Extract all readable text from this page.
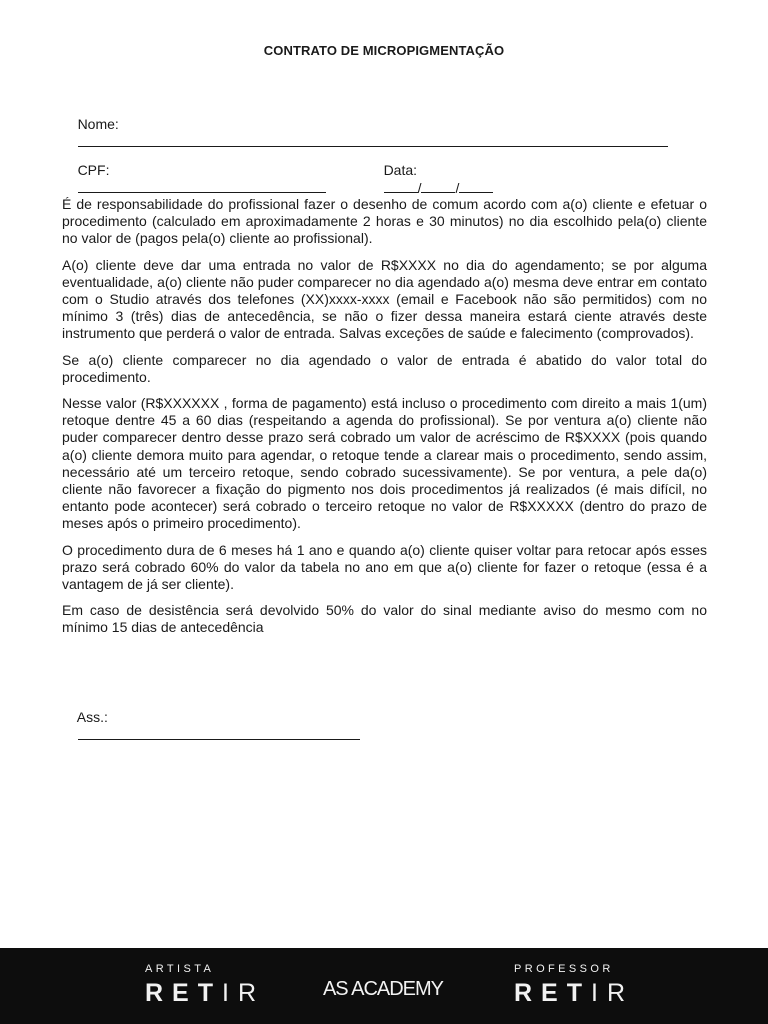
CONTRATO DE MICROPIGMENTAÇÃO

Nome:

CPF:

	Data:
/ /

É de responsabilidade do profissional fazer o desenho de comum acordo com a(o) cliente e efetuar o procedimento (calculado em aproximadamente 2 horas e 30 minutos) no dia escolhido pela(o) cliente no valor de (pagos pela(o) cliente ao profissional).

A(o) cliente deve dar uma entrada no valor de R$XXXX no dia do agendamento; se por alguma eventualidade, a(o) cliente não puder comparecer no dia agendado a(o) mesma deve entrar em contato com o Studio através dos telefones (XX)xxxx-xxxx (email e Facebook não são permitidos) com no mínimo 3 (três) dias de antecedência, se não o fizer dessa maneira estará ciente através deste instrumento que perderá o valor de entrada. Salvas exceções de saúde e falecimento (comprovados).

Se a(o) cliente comparecer no dia agendado o valor de entrada é abatido do valor total do procedimento.

Nesse valor (R$XXXXXX , forma de pagamento) está incluso o procedimento com direito a mais 1(um) retoque dentre 45 a 60 dias (respeitando a agenda do profissional). Se por ventura a(o) cliente não puder comparecer dentro desse prazo será cobrado um valor de acréscimo de R$XXXX (pois quando a(o) cliente demora muito para agendar, o retoque tende a clarear mais o procedimento, sendo assim, necessário até um terceiro retoque, sendo cobrado sucessivamente). Se por ventura, a pele da(o) cliente não favorecer a fixação do pigmento nos dois procedimentos já realizados (é mais difícil, no entanto pode acontecer) será cobrado o terceiro retoque no valor de R$XXXXX (dentro do prazo de meses após o primeiro procedimento).

O procedimento dura de 6 meses há 1 ano e quando a(o) cliente quiser voltar para retocar após esses prazo será cobrado 60% do valor da tabela no ano em que a(o) cliente for fazer o retoque (essa é a vantagem de já ser cliente).

Em caso de desistência será devolvido 50% do valor do sinal mediante aviso do mesmo com no mínimo 15 dias de antecedência

Ass.:

ARTISTA
RETIR	AS ACADEMY
PROFESSOR
RETIR
